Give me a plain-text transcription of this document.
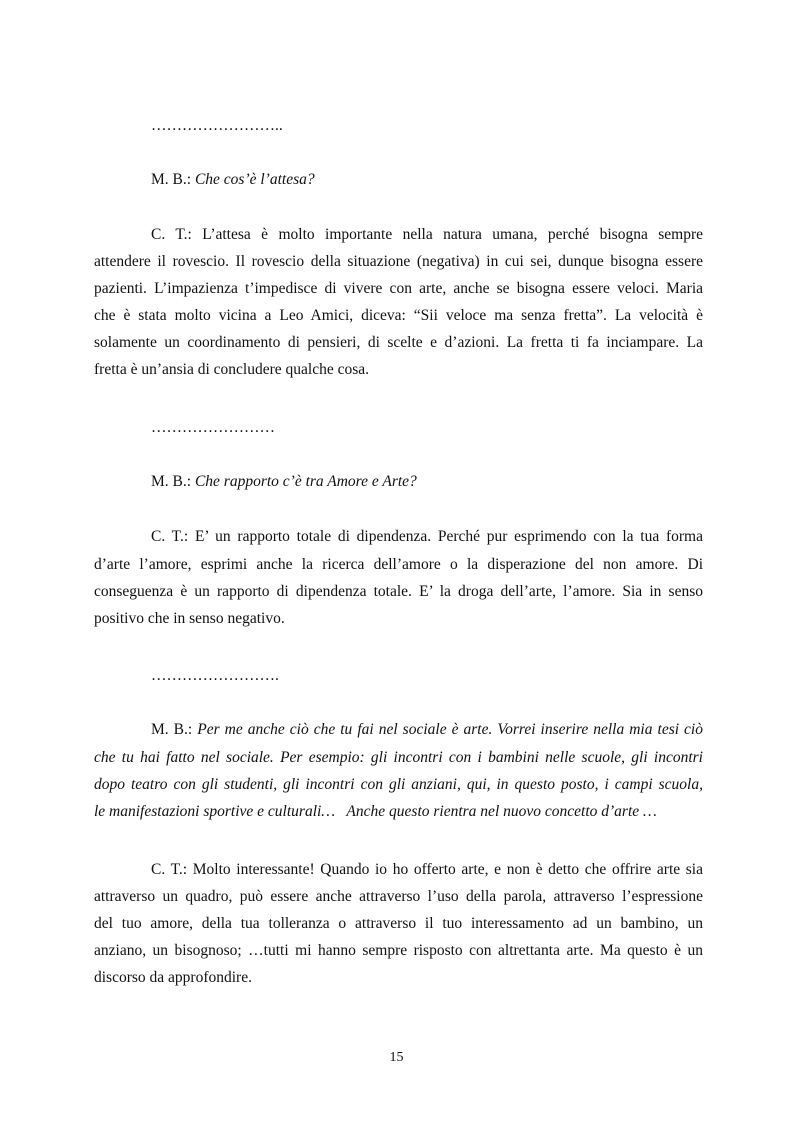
……………………..
M. B.: Che cos’è l’attesa?
C. T.: L’attesa è molto importante nella natura umana, perché bisogna sempre
attendere il rovescio. Il rovescio della situazione (negativa) in cui sei, dunque bisogna essere
pazienti. L’impazienza t’impedisce di vivere con arte, anche se bisogna essere veloci. Maria
che è stata molto vicina a Leo Amici, diceva: “Sii veloce ma senza fretta”. La velocità è
solamente un coordinamento di pensieri, di scelte e d’azioni. La fretta ti fa inciampare. La
fretta è un’ansia di concludere qualche cosa.
……………………
M. B.: Che rapporto c’è tra Amore e Arte?
C. T.: E’ un rapporto totale di dipendenza. Perché pur esprimendo con la tua forma
d’arte l’amore, esprimi anche la ricerca dell’amore o la disperazione del non amore. Di
conseguenza è un rapporto di dipendenza totale. E’ la droga dell’arte, l’amore. Sia in senso
positivo che in senso negativo.
…………………….
M. B.: Per me anche ciò che tu fai nel sociale è arte. Vorrei inserire nella mia tesi ciò
che tu hai fatto nel sociale. Per esempio: gli incontri con i bambini nelle scuole, gli incontri
dopo teatro con gli studenti, gli incontri con gli anziani, qui, in questo posto, i campi scuola,
le manifestazioni sportive e culturali…   Anche questo rientra nel nuovo concetto d’arte …
C. T.: Molto interessante! Quando io ho offerto arte, e non è detto che offrire arte sia
attraverso un quadro, può essere anche attraverso l’uso della parola, attraverso l’espressione
del tuo amore, della tua tolleranza o attraverso il tuo interessamento ad un bambino, un
anziano, un bisognoso; …tutti mi hanno sempre risposto con altrettanta arte. Ma questo è un
discorso da approfondire.
15
